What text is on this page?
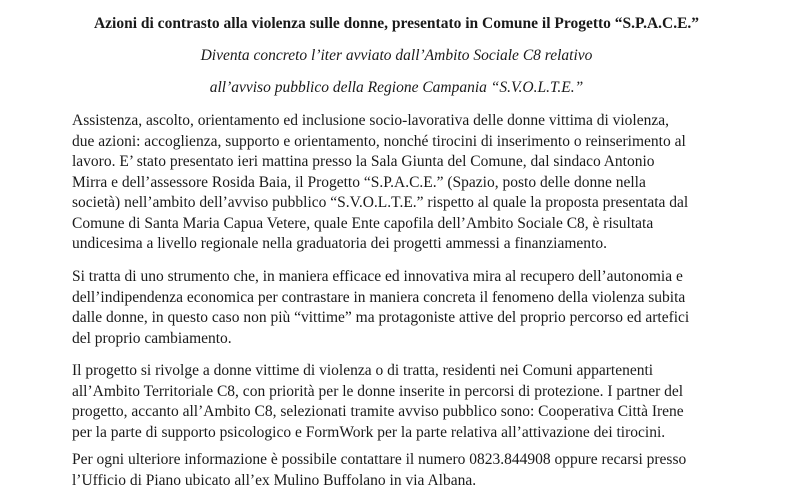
Azioni di contrasto alla violenza sulle donne, presentato in Comune il Progetto “S.P.A.C.E.”
Diventa concreto l’iter avviato dall’Ambito Sociale C8 relativo
all’avviso pubblico della Regione Campania “S.V.O.L.T.E.”

Assistenza, ascolto, orientamento ed inclusione socio-lavorativa delle donne vittima di violenza,
due azioni: accoglienza, supporto e orientamento, nonché tirocini di inserimento o reinserimento al
lavoro. E’ stato presentato ieri mattina presso la Sala Giunta del Comune, dal sindaco Antonio
Mirra e dell’assessore Rosida Baia, il Progetto “S.P.A.C.E.” (Spazio, posto delle donne nella
società) nell’ambito dell’avviso pubblico “S.V.O.L.T.E.” rispetto al quale la proposta presentata dal
Comune di Santa Maria Capua Vetere, quale Ente capofila dell’Ambito Sociale C8, è risultata
undicesima a livello regionale nella graduatoria dei progetti ammessi a finanziamento.

Si tratta di uno strumento che, in maniera efficace ed innovativa mira al recupero dell’autonomia e
dell’indipendenza economica per contrastare in maniera concreta il fenomeno della violenza subita
dalle donne, in questo caso non più “vittime” ma protagoniste attive del proprio percorso ed artefici
del proprio cambiamento.

Il progetto si rivolge a donne vittime di violenza o di tratta, residenti nei Comuni appartenenti
all’Ambito Territoriale C8, con priorità per le donne inserite in percorsi di protezione. I partner del
progetto, accanto all’Ambito C8, selezionati tramite avviso pubblico sono: Cooperativa Città Irene
per la parte di supporto psicologico e FormWork per la parte relativa all’attivazione dei tirocini.

Per ogni ulteriore informazione è possibile contattare il numero 0823.844908 oppure recarsi presso
l’Ufficio di Piano ubicato all’ex Mulino Buffolano in via Albana.
